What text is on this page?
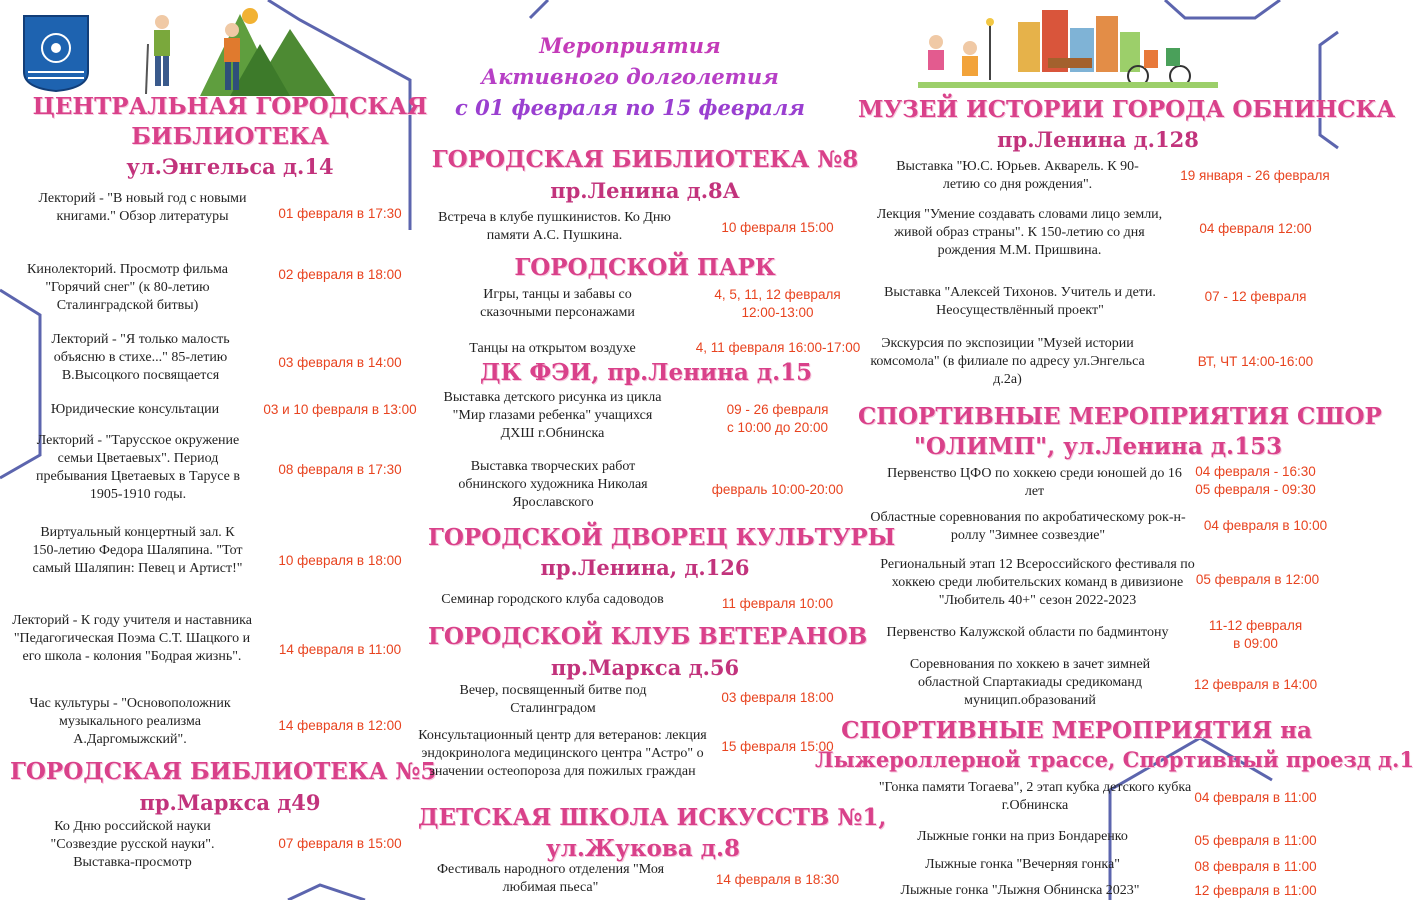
Мероприятия
Активного долголетия
с 01 февраля по 15 февраля
ЦЕНТРАЛЬНАЯ ГОРОДСКАЯ
БИБЛИОТЕКА
ул.Энгельса д.14
Лекторий - "В новый год с новыми книгами." Обзор литературы	01 февраля в 17:30
Кинолекторий. Просмотр фильма "Горячий снег" (к 80-летию Сталинградской битвы)
02 февраля в 18:00
Лекторий - "Я только малость объясню в стихе..." 85-летию В.Высоцкого посвящается
03 февраля в 14:00
Юридические консультации	03 и 10 февраля в 13:00
Лекторий - "Тарусское окружение семьи Цветаевых". Период пребывания Цветаевых в Тарусе в 1905-1910 годы.
08 февраля в 17:30
Виртуальный концертный зал. К 150-летию Федора Шаляпина. "Тот самый Шаляпин: Певец и Артист!"
10 февраля в 18:00
Лекторий - К году учителя и наставника "Педагогическая Поэма С.Т. Шацкого и его школа - колония "Бодрая жизнь".	14 февраля в 11:00
Час культуры - "Основоположник музыкального реализма А.Даргомыжский".
14 февраля в 12:00
ГОРОДСКАЯ БИБЛИОТЕКА №5
пр.Маркса д49
Ко Дню российской науки "Созвездие русской науки". Выставка-просмотр
07 февраля в 15:00
ГОРОДСКАЯ БИБЛИОТЕКА №8
пр.Ленина д.8А
Встреча в клубе пушкинистов. Ко Дню памяти А.С. Пушкина.
10 февраля 15:00
ГОРОДСКОЙ ПАРК
Игры, танцы и забавы со сказочными персонажами
4, 5, 11, 12 февраля
12:00-13:00
Танцы на открытом воздухе	4, 11 февраля 16:00-17:00
ДК ФЭИ, пр.Ленина д.15
Выставка детского рисунка из цикла "Мир глазами ребенка" учащихся ДХШ г.Обнинска
09 - 26 февраля
с 10:00 до 20:00
Выставка творческих работ обнинского художника Николая Ярославского
февраль 10:00-20:00
ГОРОДСКОЙ ДВОРЕЦ КУЛЬТУРЫ
пр.Ленина, д.126
Семинар городского клуба садоводов	11 февраля 10:00
ГОРОДСКОЙ КЛУБ ВЕТЕРАНОВ
пр.Маркса д.56
Вечер, посвященный битве под Сталинградом
03 февраля 18:00
Консультационный центр для ветеранов: лекция эндокринолога медицинского центра "Астро" о значении остеопороза для пожилых граждан
15 февраля 15:00
ДЕТСКАЯ ШКОЛА ИСКУССТВ №1,
ул.Жукова д.8
Фестиваль народного отделения "Моя любимая пьеса"
14 февраля в 18:30
МУЗЕЙ ИСТОРИИ ГОРОДА ОБНИНСКА
пр.Ленина д.128
Выставка "Ю.С. Юрьев. Акварель. К 90-летию со дня рождения".
19 января - 26 февраля
Лекция "Умение создавать словами лицо земли, живой образ страны". К 150-летию со дня рождения М.М. Пришвина.
04 февраля 12:00
Выставка "Алексей Тихонов. Учитель и дети. Неосуществлённый проект"
07 - 12 февраля
Экскурсия по экспозиции "Музей истории комсомола" (в филиале по адресу ул.Энгельса д.2а)
ВТ, ЧТ 14:00-16:00
СПОРТИВНЫЕ МЕРОПРИЯТИЯ СШОР
"ОЛИМП", ул.Ленина д.153
Первенство ЦФО по хоккею среди юношей до 16 лет
04 февраля - 16:30
05 февраля - 09:30
Областные соревнования по акробатическому рок-н-роллу "Зимнее созвездие"
04 февраля в 10:00
Региональный этап 12 Всероссийского фестиваля по хоккею среди любительских команд в дивизионе "Любитель 40+" сезон 2022-2023
05 февраля в 12:00
Первенство Калужской области по бадминтону	11-12 февраля
в 09:00
Соревнования по хоккею в зачет зимней областной Спартакиады средикоманд муницип.образований
12 февраля в 14:00
СПОРТИВНЫЕ МЕРОПРИЯТИЯ на
Лыжероллерной трассе, Спортивный проезд д.1
"Гонка памяти Тогаева", 2 этап кубка детского кубка г.Обнинска
04 февраля в 11:00
Лыжные гонки на приз Бондаренко	05 февраля в 11:00
Лыжные гонка "Вечерняя гонка"	08 февраля в 11:00
Лыжные гонка "Лыжня Обнинска 2023"	12 февраля в 11:00
